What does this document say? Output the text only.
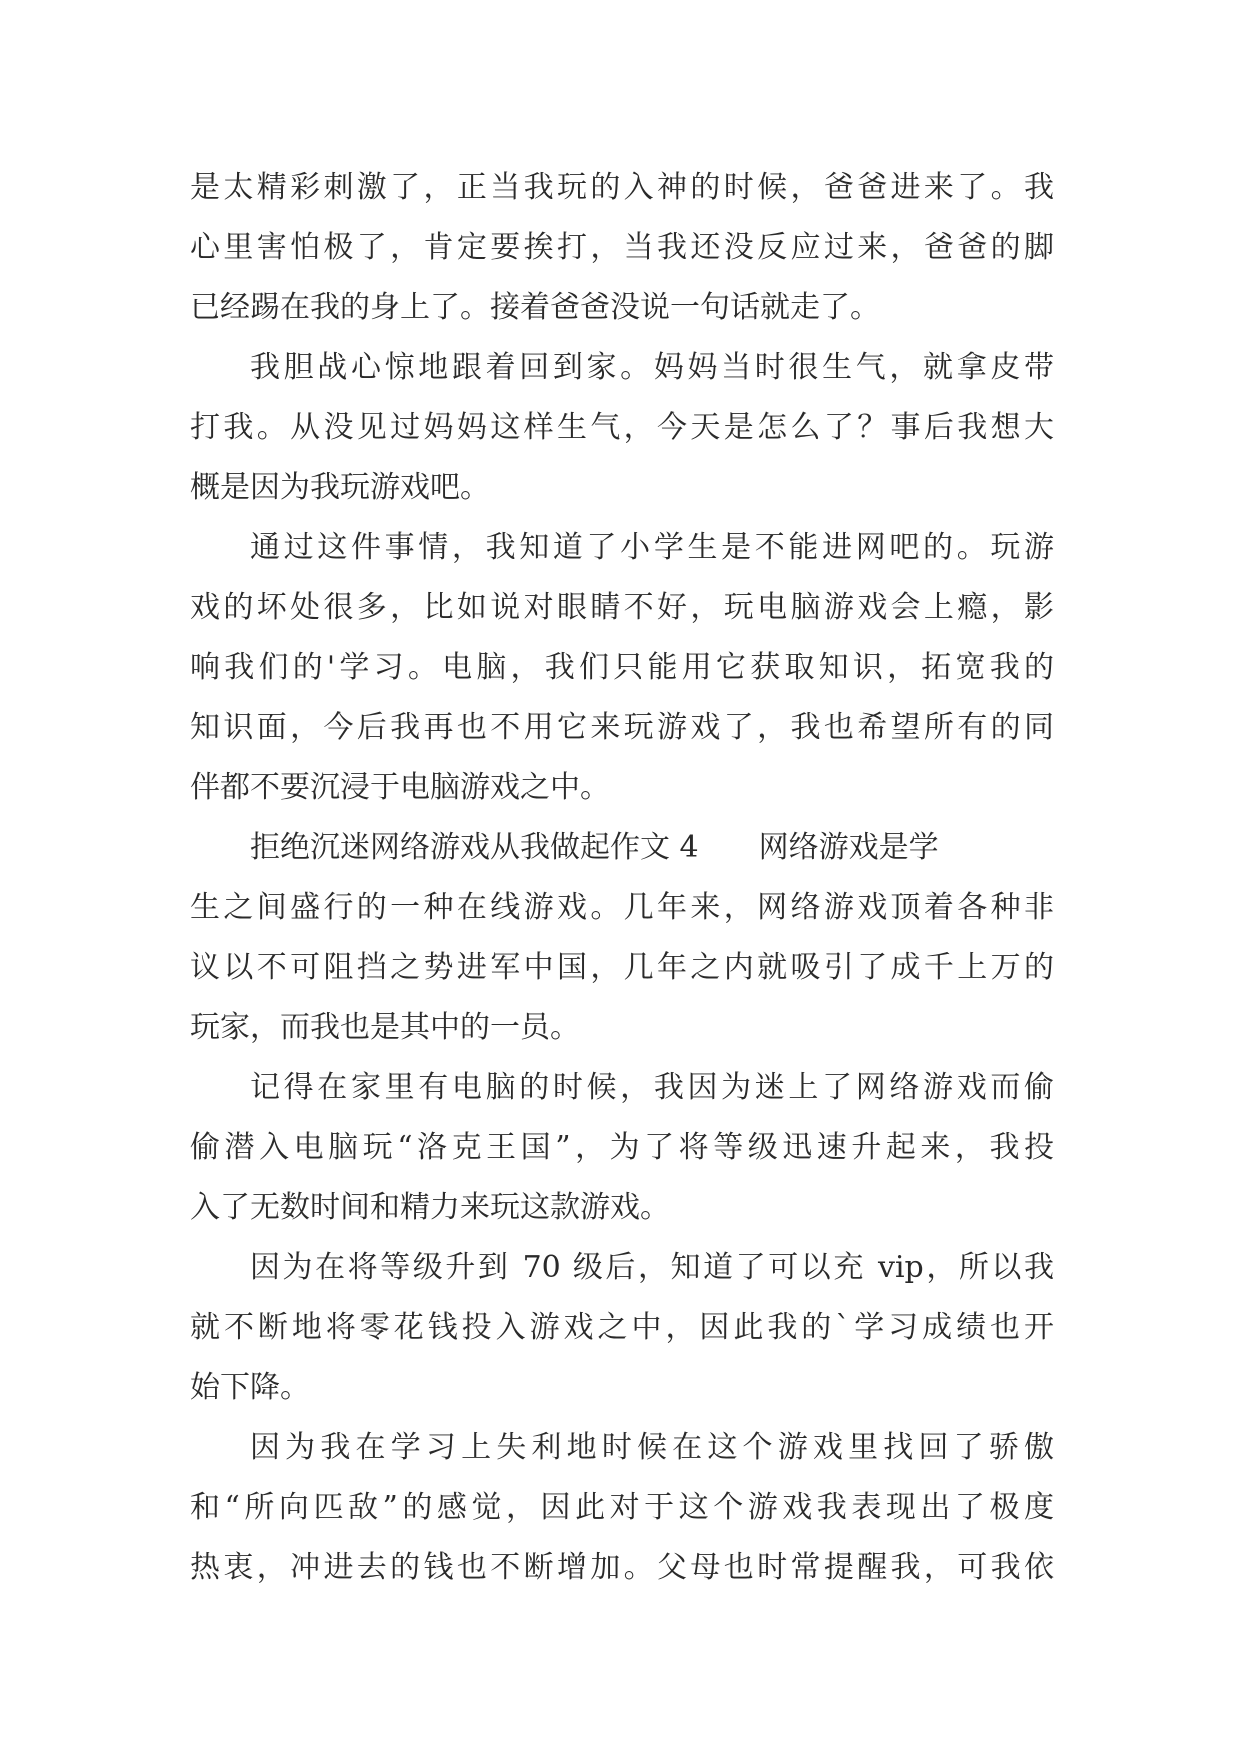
是太精彩刺激了，正当我玩的入神的时候，爸爸进来了。我
心里害怕极了，肯定要挨打，当我还没反应过来，爸爸的脚
已经踢在我的身上了。接着爸爸没说一句话就走了。

我胆战心惊地跟着回到家。妈妈当时很生气，就拿皮带
打我。从没见过妈妈这样生气，今天是怎么了？事后我想大
概是因为我玩游戏吧。

通过这件事情，我知道了小学生是不能进网吧的。玩游
戏的坏处很多，比如说对眼睛不好，玩电脑游戏会上瘾，影
响我们的'学习。电脑，我们只能用它获取知识，拓宽我的
知识面，今后我再也不用它来玩游戏了，我也希望所有的同
伴都不要沉浸于电脑游戏之中。

拒绝沉迷网络游戏从我做起作文 4 网络游戏是学
生之间盛行的一种在线游戏。几年来，网络游戏顶着各种非
议以不可阻挡之势进军中国，几年之内就吸引了成千上万的
玩家，而我也是其中的一员。

记得在家里有电脑的时候，我因为迷上了网络游戏而偷
偷潜入电脑玩“洛克王国”，为了将等级迅速升起来，我投
入了无数时间和精力来玩这款游戏。

因为在将等级升到 70 级后，知道了可以充 vip，所以我
就不断地将零花钱投入游戏之中，因此我的`学习成绩也开
始下降。

因为我在学习上失利地时候在这个游戏里找回了骄傲
和“所向匹敌”的感觉，因此对于这个游戏我表现出了极度
热衷，冲进去的钱也不断增加。父母也时常提醒我，可我依
